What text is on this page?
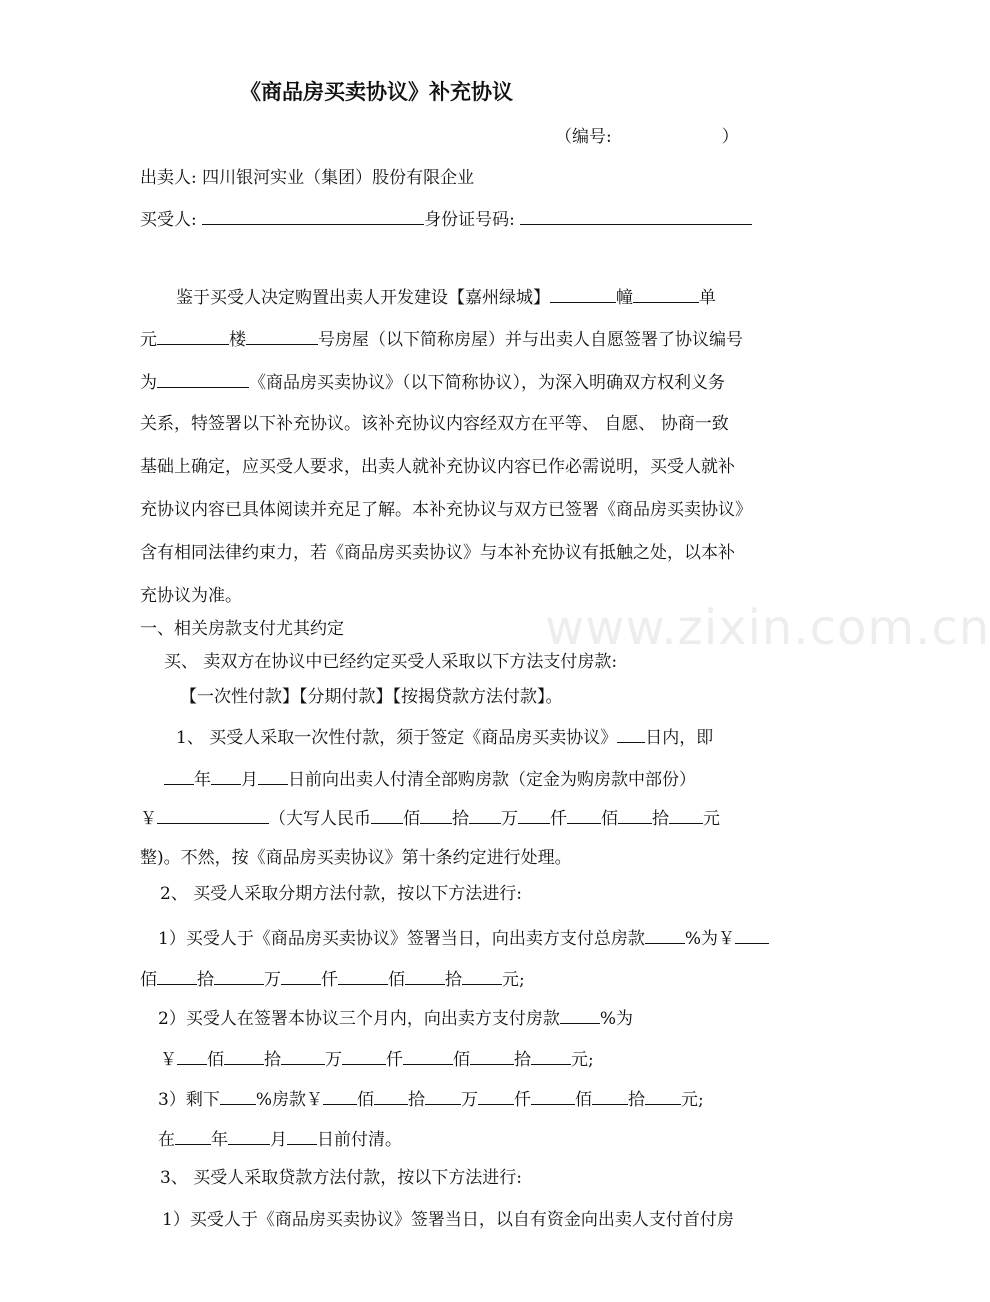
《商品房买卖协议》补充协议
（编号:	）
出卖人: 四川银河实业（集团）股份有限企业
买受人:	身份证号码:
鉴于买受人决定购置出卖人开发建设【嘉州绿城】	幢	单
元	楼	号房屋（以下简称房屋）并与出卖人自愿签署了协议编号
为	《商品房买卖协议》（以下简称协议），为深入明确双方权利义务
关系，特签署以下补充协议。该补充协议内容经双方在平等、 自愿、 协商一致
基础上确定，应买受人要求，出卖人就补充协议内容已作必需说明，买受人就补
充协议内容已具体阅读并充足了解。本补充协议与双方已签署《商品房买卖协议》
含有相同法律约束力，若《商品房买卖协议》与本补充协议有抵触之处，以本补
充协议为准。
一、相关房款支付尤其约定
买、 卖双方在协议中已经约定买受人采取以下方法支付房款:
【一次性付款】【分期付款】【按揭贷款方法付款】。
1、 买受人采取一次性付款，须于签定《商品房买卖协议》 日内，即
年 月 日前向出卖人付清全部购房款（定金为购房款中部份）
￥	（大写人民币 佰 拾 万 仟 佰 拾 元
整)。不然，按《商品房买卖协议》第十条约定进行处理。
2、 买受人采取分期方法付款，按以下方法进行:
1）买受人于《商品房买卖协议》签署当日，向出卖方支付总房款 %为￥
佰 拾	万 仟	佰 拾 元;
2）买受人在签署本协议三个月内，向出卖方支付房款 %为
￥ 佰 拾	万	仟	佰	拾 元;
3）剩下 %房款￥ 佰 拾 万 仟	佰 拾 元;
在 年 月 日前付清。
3、 买受人采取贷款方法付款，按以下方法进行:
1）买受人于《商品房买卖协议》签署当日，以自有资金向出卖人支付首付房
www.zixin.com.cn
